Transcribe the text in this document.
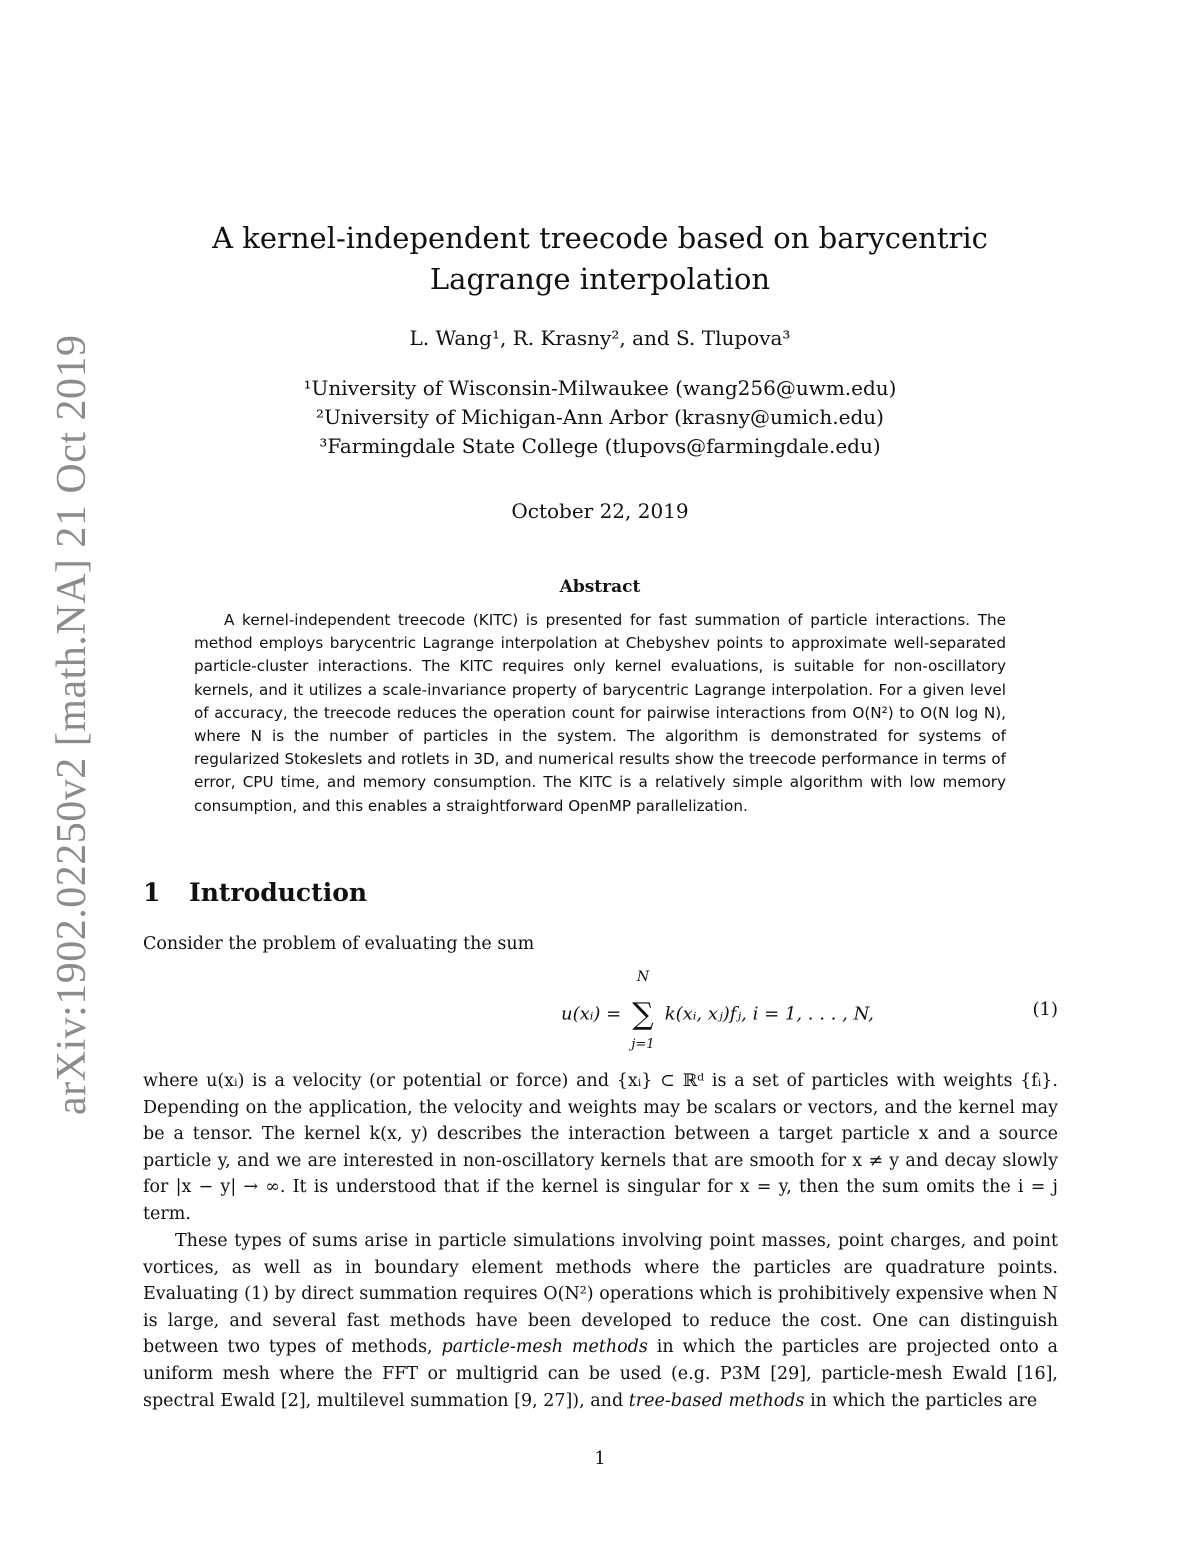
arXiv:1902.02250v2 [math.NA] 21 Oct 2019
A kernel-independent treecode based on barycentric Lagrange interpolation
L. Wang¹, R. Krasny², and S. Tlupova³
¹University of Wisconsin-Milwaukee (wang256@uwm.edu)
²University of Michigan-Ann Arbor (krasny@umich.edu)
³Farmingdale State College (tlupovs@farmingdale.edu)
October 22, 2019
Abstract

A kernel-independent treecode (KITC) is presented for fast summation of particle interactions. The method employs barycentric Lagrange interpolation at Chebyshev points to approximate well-separated particle-cluster interactions. The KITC requires only kernel evaluations, is suitable for non-oscillatory kernels, and it utilizes a scale-invariance property of barycentric Lagrange interpolation. For a given level of accuracy, the treecode reduces the operation count for pairwise interactions from O(N²) to O(N log N), where N is the number of particles in the system. The algorithm is demonstrated for systems of regularized Stokeslets and rotlets in 3D, and numerical results show the treecode performance in terms of error, CPU time, and memory consumption. The KITC is a relatively simple algorithm with low memory consumption, and this enables a straightforward OpenMP parallelization.

1 Introduction

Consider the problem of evaluating the sum

u(xᵢ) =
N
∑
j=1
k(xᵢ, xⱼ)fⱼ, i = 1, . . . , N,	(1)

where u(xᵢ) is a velocity (or potential or force) and {xᵢ} ⊂ ℝᵈ is a set of particles with weights {fᵢ}. Depending on the application, the velocity and weights may be scalars or vectors, and the kernel may be a tensor. The kernel k(x, y) describes the interaction between a target particle x and a source particle y, and we are interested in non-oscillatory kernels that are smooth for x ≠ y and decay slowly for |x − y| → ∞. It is understood that if the kernel is singular for x = y, then the sum omits the i = j term.

These types of sums arise in particle simulations involving point masses, point charges, and point vortices, as well as in boundary element methods where the particles are quadrature points. Evaluating (1) by direct summation requires O(N²) operations which is prohibitively expensive when N is large, and several fast methods have been developed to reduce the cost. One can distinguish between two types of methods, particle-mesh methods in which the particles are projected onto a uniform mesh where the FFT or multigrid can be used (e.g. P3M [29], particle-mesh Ewald [16], spectral Ewald [2], multilevel summation [9, 27]), and tree-based methods in which the particles are

1
